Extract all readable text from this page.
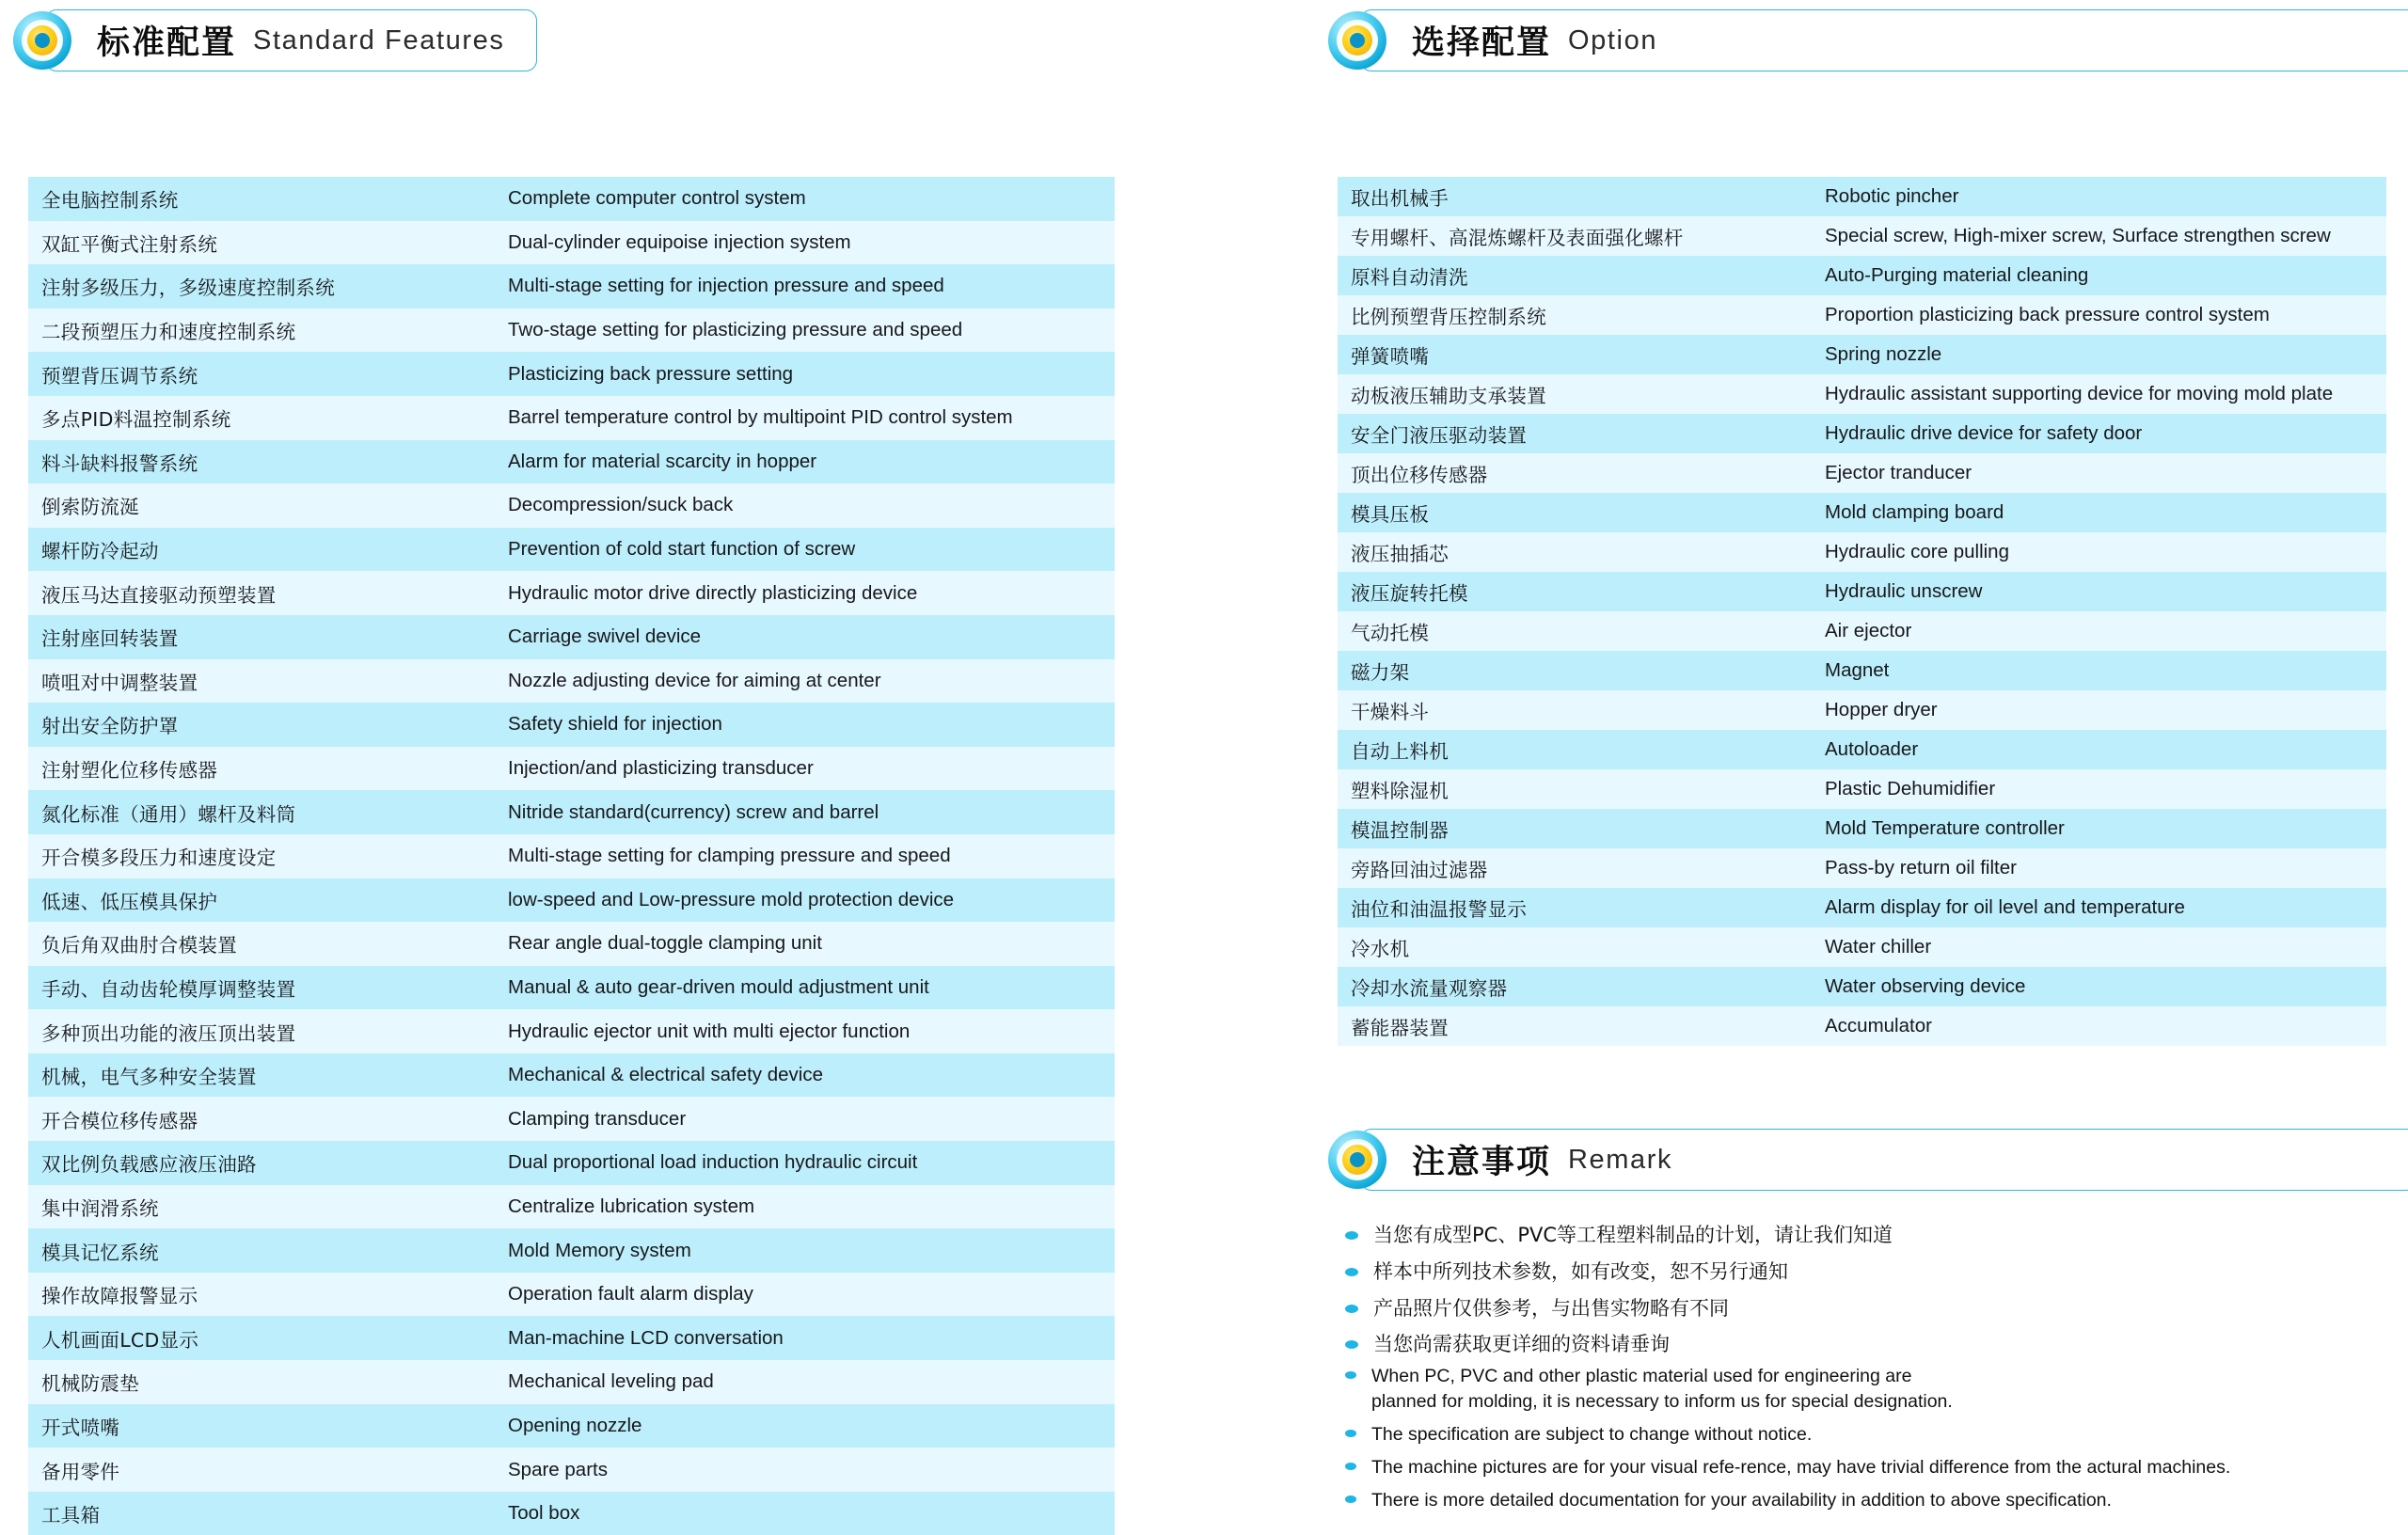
标准配置 Standard Features	选择配置 Option
全电脑控制系统	Complete computer control system
双缸平衡式注射系统	Dual-cylinder equipoise injection system
注射多级压力，多级速度控制系统	Multi-stage setting for injection pressure and speed
二段预塑压力和速度控制系统	Two-stage setting for plasticizing pressure and speed
预塑背压调节系统	Plasticizing back pressure setting
多点PID料温控制系统	Barrel temperature control by multipoint PID control system
料斗缺料报警系统	Alarm for material scarcity in hopper
倒索防流涎	Decompression/suck back
螺杆防冷起动	Prevention of cold start function of screw
液压马达直接驱动预塑装置	Hydraulic motor drive directly plasticizing device
注射座回转装置	Carriage swivel device
喷咀对中调整装置	Nozzle adjusting device for aiming at center
射出安全防护罩	Safety shield for injection
注射塑化位移传感器	Injection/and plasticizing transducer
氮化标准（通用）螺杆及料筒	Nitride standard(currency) screw and barrel
开合模多段压力和速度设定	Multi-stage setting for clamping pressure and speed
低速、低压模具保护	low-speed and Low-pressure mold protection device
负后角双曲肘合模装置	Rear angle dual-toggle clamping unit
手动、自动齿轮模厚调整装置	Manual & auto gear-driven mould adjustment unit
多种顶出功能的液压顶出装置	Hydraulic ejector unit with multi ejector function
机械，电气多种安全装置	Mechanical & electrical safety device
开合模位移传感器	Clamping transducer
双比例负载感应液压油路	Dual proportional load induction hydraulic circuit
集中润滑系统	Centralize lubrication system
模具记忆系统	Mold Memory system
操作故障报警显示	Operation fault alarm display
人机画面LCD显示	Man-machine LCD conversation
机械防震垫	Mechanical leveling pad
开式喷嘴	Opening nozzle
备用零件	Spare parts
工具箱	Tool box
取出机械手	Robotic pincher
专用螺杆、高混炼螺杆及表面强化螺杆	Special screw, High-mixer screw, Surface strengthen screw
原料自动清洗	Auto-Purging material cleaning
比例预塑背压控制系统	Proportion plasticizing back pressure control system
弹簧喷嘴	Spring nozzle
动板液压辅助支承装置	Hydraulic assistant supporting device for moving mold plate
安全门液压驱动装置	Hydraulic drive device for safety door
顶出位移传感器	Ejector tranducer
模具压板	Mold clamping board
液压抽插芯	Hydraulic core pulling
液压旋转托模	Hydraulic unscrew
气动托模	Air ejector
磁力架	Magnet
干燥料斗	Hopper dryer
自动上料机	Autoloader
塑料除湿机	Plastic Dehumidifier
模温控制器	Mold Temperature controller
旁路回油过滤器	Pass-by return oil filter
油位和油温报警显示	Alarm display for oil level and temperature
冷水机	Water chiller
冷却水流量观察器	Water observing device
蓄能器装置	Accumulator
注意事项 Remark
当您有成型PC、PVC等工程塑料制品的计划，请让我们知道
样本中所列技术参数，如有改变，恕不另行通知
产品照片仅供参考，与出售实物略有不同
当您尚需获取更详细的资料请垂询
When PC, PVC and other plastic material used for engineering are
planned for molding, it is necessary to inform us for special designation.
The specification are subject to change without notice.
The machine pictures are for your visual refe-rence, may have trivial difference from the actural machines.
There is more detailed documentation for your availability in addition to above specification.
